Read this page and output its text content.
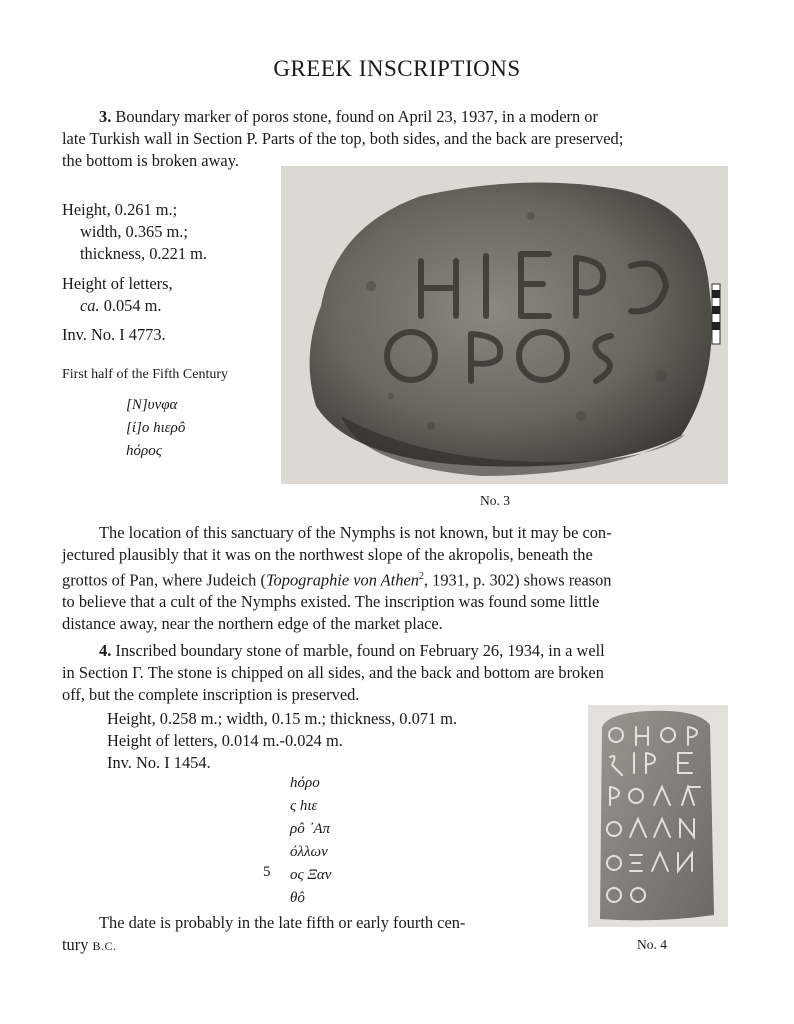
GREEK INSCRIPTIONS
3. Boundary marker of poros stone, found on April 23, 1937, in a modern or
late Turkish wall in Section Ρ. Parts of the top, both sides, and the back are preserved;
the bottom is broken away.
Height, 0.261 m.;
width, 0.365 m.;
thickness, 0.221 m.
Height of letters,
ca. 0.054 m.
Inv. No. I 4773.
First half of the Fifth Century
[Ν]υνφα
[ἰ]ο hιερô
hόρος
No. 3
The location of this sanctuary of the Nymphs is not known, but it may be con-
jectured plausibly that it was on the northwest slope of the akropolis, beneath the
grottos of Pan, where Judeich (Topographie von Athen$^2$, 1931, p. 302) shows reason
to believe that a cult of the Nymphs existed. The inscription was found some little
distance away, near the northern edge of the market place.
4. Inscribed boundary stone of marble, found on February 26, 1934, in a well
in Section Γ. The stone is chipped on all sides, and the back and bottom are broken
off, but the complete inscription is preserved.
Height, 0.258 m.; width, 0.15 m.; thickness, 0.071 m.
Height of letters, 0.014 m.-0.024 m.
Inv. No. I 1454.
hόρο
ς hιε
ρô ᾽Απ
όλλων
ος Ξαν
θô
5
No. 4
The date is probably in the late fifth or early fourth cen-
tury B.C.
